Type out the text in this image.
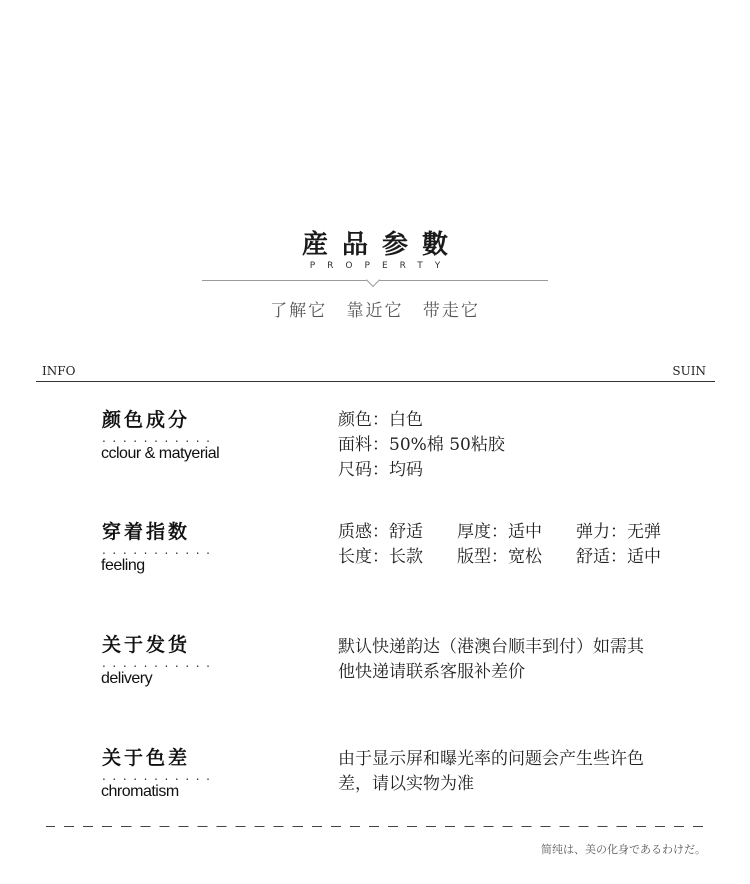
産品参數
PROPERTY
了解它 靠近它 带走它
INFO	SUIN
颜色成分
...........
cclour & matyerial
颜色：白色
面料：50%棉 50粘胶
尺码：均码
穿着指数
...........
feeling
质感：舒适 厚度：适中 弹力：无弹
长度：长款 版型：宽松 舒适：适中
关于发货
...........
delivery
默认快递韵达（港澳台顺丰到付）如需其
他快递请联系客服补差价
关于色差
...........
chromatism
由于显示屏和曝光率的问题会产生些许色
差，请以实物为准
简纯は、美の化身であるわけだ。
